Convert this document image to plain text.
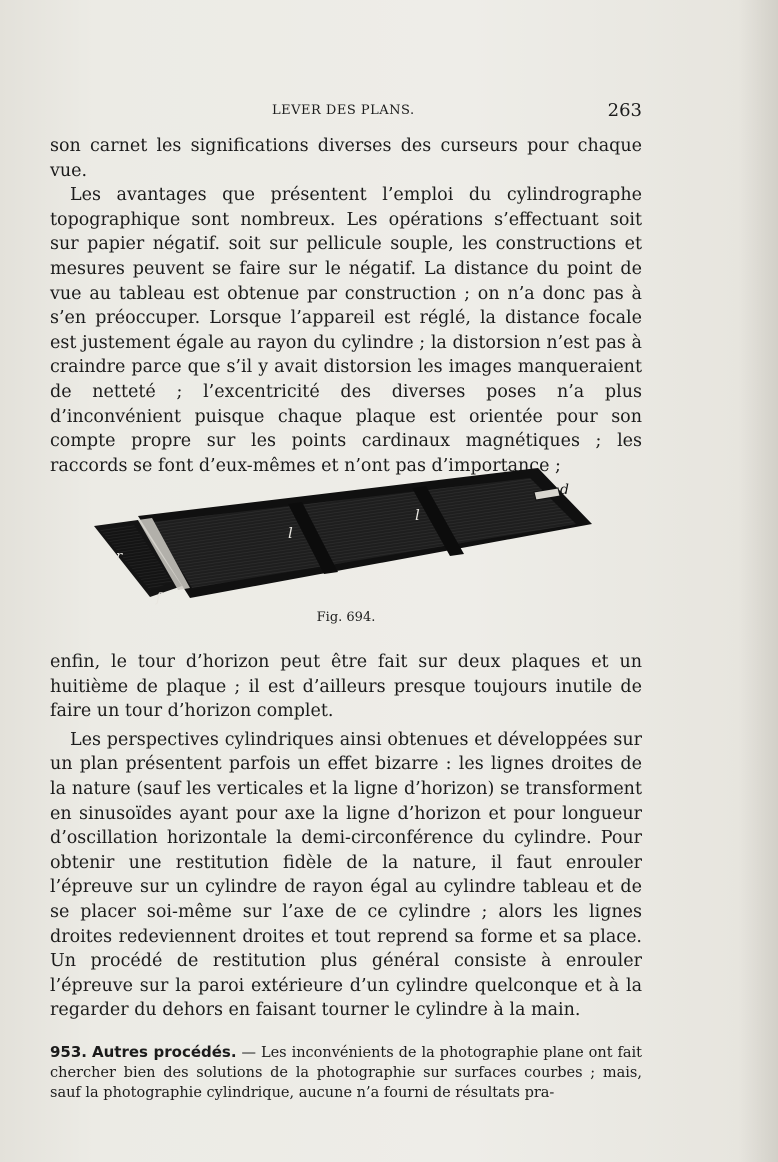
LEVER DES PLANS.	263

son carnet les significations diverses des curseurs pour chaque vue.

Les avantages que présentent l’emploi du cylindrographe topographique sont nombreux. Les opérations s’effectuant soit sur papier négatif. soit sur pellicule souple, les constructions et mesures peuvent se faire sur le négatif. La distance du point de vue au tableau est obtenue par construction ; on n’a donc pas à s’en préoccuper. Lorsque l’appareil est réglé, la distance focale est justement égale au rayon du cylindre ; la distorsion n’est pas à craindre parce que s’il y avait distorsion les images manqueraient de netteté ; l’excentricité des diverses poses n’a plus d’inconvénient puisque chaque plaque est orientée pour son compte propre sur les points cardinaux magnétiques ; les raccords se font d’eux-mêmes et n’ont pas d’importance ;

r
f
l
l
d
Fig. 694.

enfin, le tour d’horizon peut être fait sur deux plaques et un huitième de plaque ; il est d’ailleurs presque toujours inutile de faire un tour d’horizon complet.

Les perspectives cylindriques ainsi obtenues et développées sur un plan présentent parfois un effet bizarre : les lignes droites de la nature (sauf les verticales et la ligne d’horizon) se transforment en sinusoïdes ayant pour axe la ligne d’horizon et pour longueur d’oscillation horizontale la demi-circonférence du cylindre. Pour obtenir une restitution fidèle de la nature, il faut enrouler l’épreuve sur un cylindre de rayon égal au cylindre tableau et de se placer soi-même sur l’axe de ce cylindre ; alors les lignes droites redeviennent droites et tout reprend sa forme et sa place. Un procédé de restitution plus général consiste à enrouler l’épreuve sur la paroi extérieure d’un cylindre quelconque et à la regarder du dehors en faisant tourner le cylindre à la main.

953. Autres procédés. — Les inconvénients de la photographie plane ont fait chercher bien des solutions de la photographie sur surfaces courbes ; mais, sauf la photographie cylindrique, aucune n’a fourni de résultats pra-
